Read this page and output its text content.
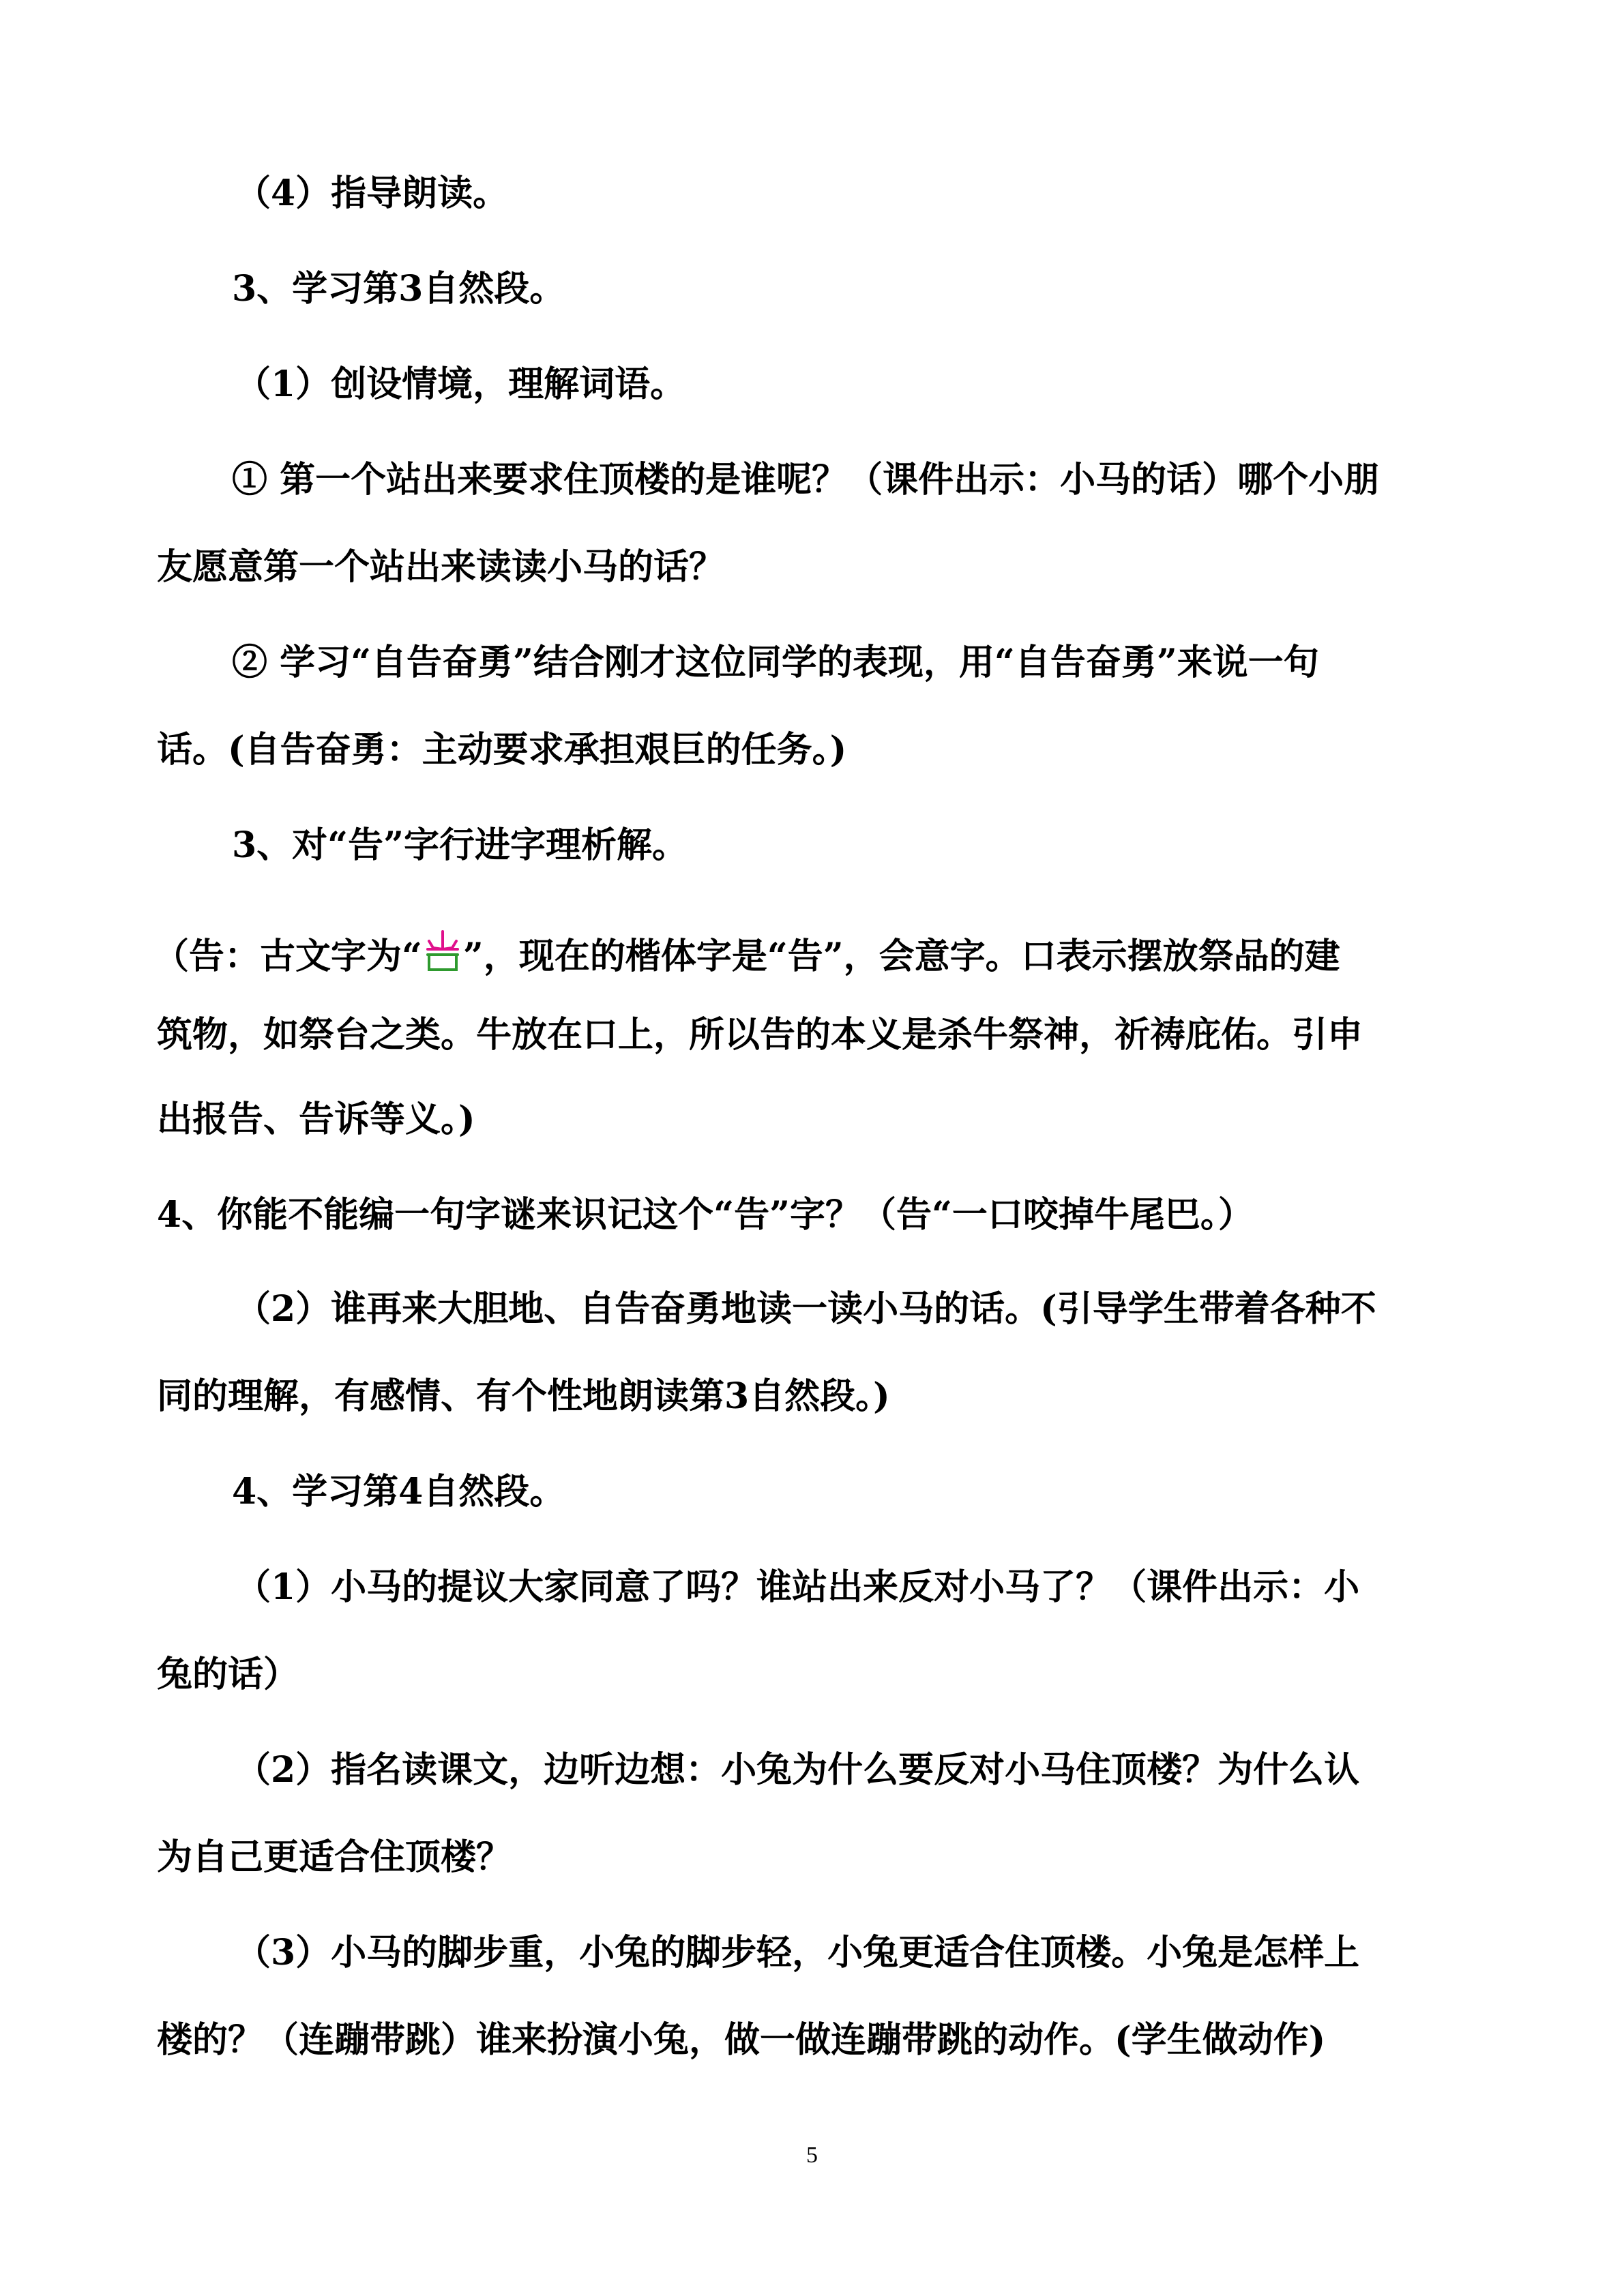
（4）指导朗读。
3、学习第3自然段。
（1）创设情境，理解词语。
① 第一个站出来要求住顶楼的是谁呢？（课件出示：小马的话）哪个小朋
友愿意第一个站出来读读小马的话？
② 学习“自告奋勇”结合刚才这位同学的表现，用“自告奋勇”来说一句
话。(自告奋勇：主动要求承担艰巨的任务。)
3、对“告”字行进字理析解。
（告：古文字为“ ”，现在的楷体字是“告”，会意字。口表示摆放祭品的建
筑物，如祭台之类。牛放在口上，所以告的本义是杀牛祭神，祈祷庇佑。引申
出报告、告诉等义。)
4、你能不能编一句字谜来识记这个“告”字？（告“一口咬掉牛尾巴。）
（2）谁再来大胆地、自告奋勇地读一读小马的话。(引导学生带着各种不
同的理解，有感情、有个性地朗读第3自然段。)
4、学习第4自然段。
（1）小马的提议大家同意了吗？谁站出来反对小马了？（课件出示：小
兔的话）
（2）指名读课文，边听边想：小兔为什么要反对小马住顶楼？为什么认
为自己更适合住顶楼？
（3）小马的脚步重，小兔的脚步轻，小兔更适合住顶楼。小兔是怎样上
楼的？（连蹦带跳）谁来扮演小兔，做一做连蹦带跳的动作。(学生做动作)
5
